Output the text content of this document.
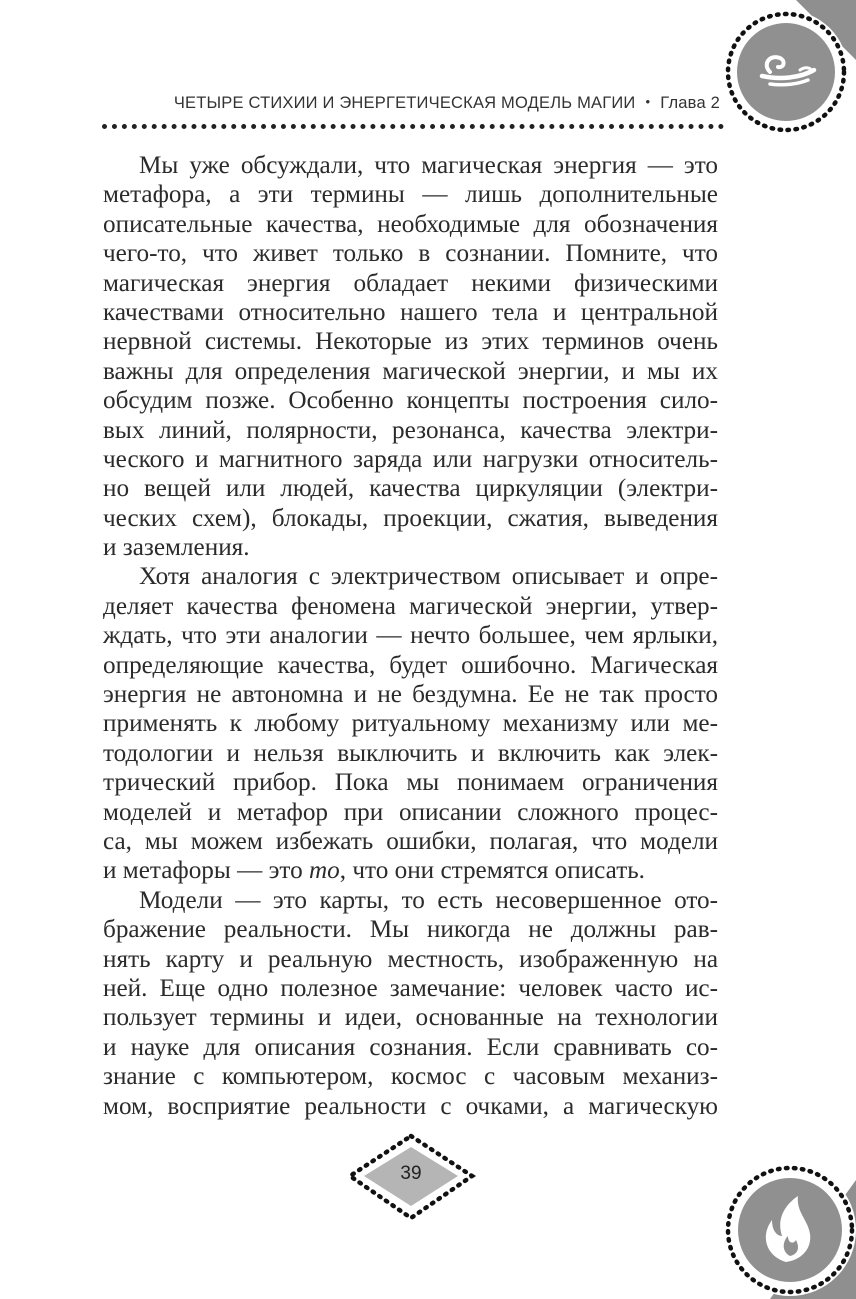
ЧЕТЫРЕ СТИХИИ И ЭНЕРГЕТИЧЕСКАЯ МОДЕЛЬ МАГИИ • Глава 2
Мы уже обсуждали, что магическая энергия — это
метафора, а эти термины — лишь дополнительные
описательные качества, необходимые для обозначения
чего-то, что живет только в сознании. Помните, что
магическая энергия обладает некими физическими
качествами относительно нашего тела и центральной
нервной системы. Некоторые из этих терминов очень
важны для определения магической энергии, и мы их
обсудим позже. Особенно концепты построения сило-
вых линий, полярности, резонанса, качества электри-
ческого и магнитного заряда или нагрузки относитель-
но вещей или людей, качества циркуляции (электри-
ческих схем), блокады, проекции, сжатия, выведения
и заземления.
Хотя аналогия с электричеством описывает и опре-
деляет качества феномена магической энергии, утвер-
ждать, что эти аналогии — нечто большее, чем ярлыки,
определяющие качества, будет ошибочно. Магическая
энергия не автономна и не бездумна. Ее не так просто
применять к любому ритуальному механизму или ме-
тодологии и нельзя выключить и включить как элек-
трический прибор. Пока мы понимаем ограничения
моделей и метафор при описании сложного процес-
са, мы можем избежать ошибки, полагая, что модели
и метафоры — это то, что они стремятся описать.
Модели — это карты, то есть несовершенное ото-
бражение реальности. Мы никогда не должны рав-
нять карту и реальную местность, изображенную на
ней. Еще одно полезное замечание: человек часто ис-
пользует термины и идеи, основанные на технологии
и науке для описания сознания. Если сравнивать со-
знание с компьютером, космос с часовым механиз-
мом, восприятие реальности с очками, а магическую
39
